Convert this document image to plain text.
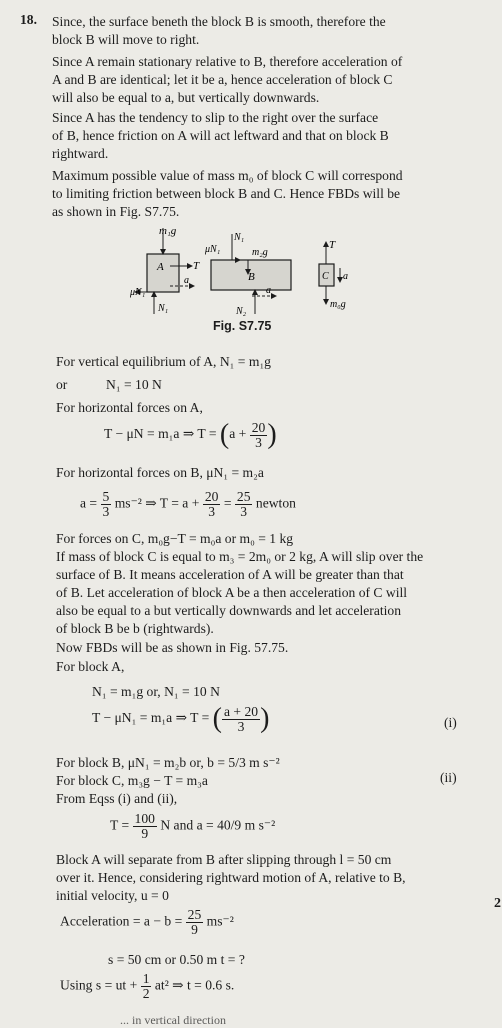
18. Since, the surface beneth the block B is smooth, therefore the
block B will move to right.
Since A remain stationary relative to B, therefore acceleration of
A and B are identical; let it be a, hence acceleration of block C
will also be equal to a, but vertically downwards.
Since A has the tendency to slip to the right over the surface
of B, hence friction on A will act leftward and that on block B
rightward.
Maximum possible value of mass m₀ of block C will correspond
to limiting friction between block B and C. Hence FBDs will be
as shown in Fig. S7.75.
m₁g
A	T
μN₁
N₁
a
N₁
m₂g
μN₁
B
N₂
a
T
C a
m₀g
Fig. S7.75
For vertical equilibrium of A, N₁ = m₁g
or	N₁ = 10 N
For horizontal forces on A,
T − μN = m₁a ⇒ $T = (a + \frac{20}{3}$ )
For horizontal forces on B, μN₁ = m₂a
$a = \frac{5}{3} ms^{-2}$ ⇒ $T = a + \frac{20}{3} = \frac{25}{3}$ newton
For forces on C, m₀g−T = m₀a or m₀ = 1 kg
If mass of block C is equal to m₃ = 2m₀ or 2 kg, A will slip over the
surface of B. It means acceleration of A will be greater than that
of B. Let acceleration of block A be a then acceleration of C will
also be equal to a but vertically downwards and let acceleration
of block B be b (rightwards).
Now FBDs will be as shown in Fig. 57.75.
For block A,
N₁ = m₁g or, N₁ = 10 N
T − μN₁ = m₁a ⇒ T = ( $\frac{a + 20}{3}$ )	(i)
For block B, μN₁ = m₂b or, b = 5/3 m s⁻²
For block C, m₃g − T = m₃a	(ii)
From Eqss (i) and (ii),
$T = \frac{100}{9}$ N and a = 40/9 m s⁻²
Block A will separate from B after slipping through l = 50 cm
over it. Hence, considering rightward motion of A, relative to B,
initial velocity, u = 0
Acceleration = $a - b = \frac{25}{9} ms^{-2}$
s = 50 cm or 0.50 m t = ?
Using s = ut + $\frac{1}{2} at^2$ ⇒ t = 0.6 s.
... in vertical direction
2
